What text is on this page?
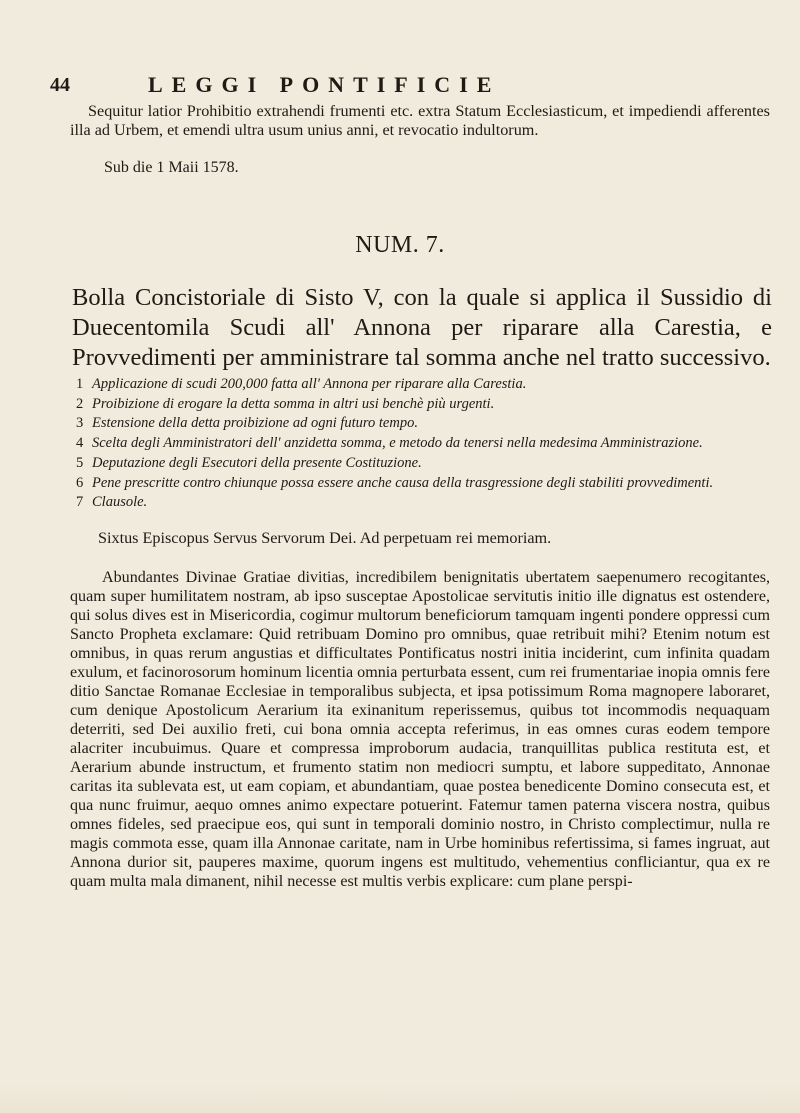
44	LEGGI PONTIFICIE

Sequitur latior Prohibitio extrahendi frumenti etc. extra Statum Ecclesiasticum, et impediendi afferentes illa ad Urbem, et emendi ultra usum unius anni, et revocatio indultorum.

Sub die 1 Maii 1578.
NUM. 7.
Bolla Concistoriale di Sisto V, con la quale si applica il Sussidio di Duecentomila Scudi all' Annona per riparare alla Carestia, e Provvedimenti per amministrare tal somma anche nel tratto successivo.
1 Applicazione di scudi 200,000 fatta all' Annona per riparare alla Carestia.
2 Proibizione di erogare la detta somma in altri usi benchè più urgenti.
3 Estensione della detta proibizione ad ogni futuro tempo.
4 Scelta degli Amministratori dell' anzidetta somma, e metodo da tenersi nella medesima Amministrazione.
5 Deputazione degli Esecutori della presente Costituzione.
6 Pene prescritte contro chiunque possa essere anche causa della trasgressione degli stabiliti provvedimenti.
7 Clausole.
Sixtus Episcopus Servus Servorum Dei. Ad perpetuam rei memoriam.

Abundantes Divinae Gratiae divitias, incredibilem benignitatis ubertatem saepenumero recogitantes, quam super humilitatem nostram, ab ipso susceptae Apostolicae servitutis initio ille dignatus est ostendere, qui solus dives est in Misericordia, cogimur multorum beneficiorum tamquam ingenti pondere oppressi cum Sancto Propheta exclamare: Quid retribuam Domino pro omnibus, quae retribuit mihi? Etenim notum est omnibus, in quas rerum angustias et difficultates Pontificatus nostri initia inciderint, cum infinita quadam exulum, et facinorosorum hominum licentia omnia perturbata essent, cum rei frumentariae inopia omnis fere ditio Sanctae Romanae Ecclesiae in temporalibus subjecta, et ipsa potissimum Roma magnopere laboraret, cum denique Apostolicum Aerarium ita exinanitum reperissemus, quibus tot incommodis nequaquam deterriti, sed Dei auxilio freti, cui bona omnia accepta referimus, in eas omnes curas eodem tempore alacriter incubuimus. Quare et compressa improborum audacia, tranquillitas publica restituta est, et Aerarium abunde instructum, et frumento statim non mediocri sumptu, et labore suppeditato, Annonae caritas ita sublevata est, ut eam copiam, et abundantiam, quae postea benedicente Domino consecuta est, et qua nunc fruimur, aequo omnes animo expectare potuerint. Fatemur tamen paterna viscera nostra, quibus omnes fideles, sed praecipue eos, qui sunt in temporali dominio nostro, in Christo complectimur, nulla re magis commota esse, quam illa Annonae caritate, nam in Urbe hominibus refertissima, si fames ingruat, aut Annona durior sit, pauperes maxime, quorum ingens est multitudo, vehementius confliciantur, qua ex re quam multa mala dimanent, nihil necesse est multis verbis explicare: cum plane perspi-
